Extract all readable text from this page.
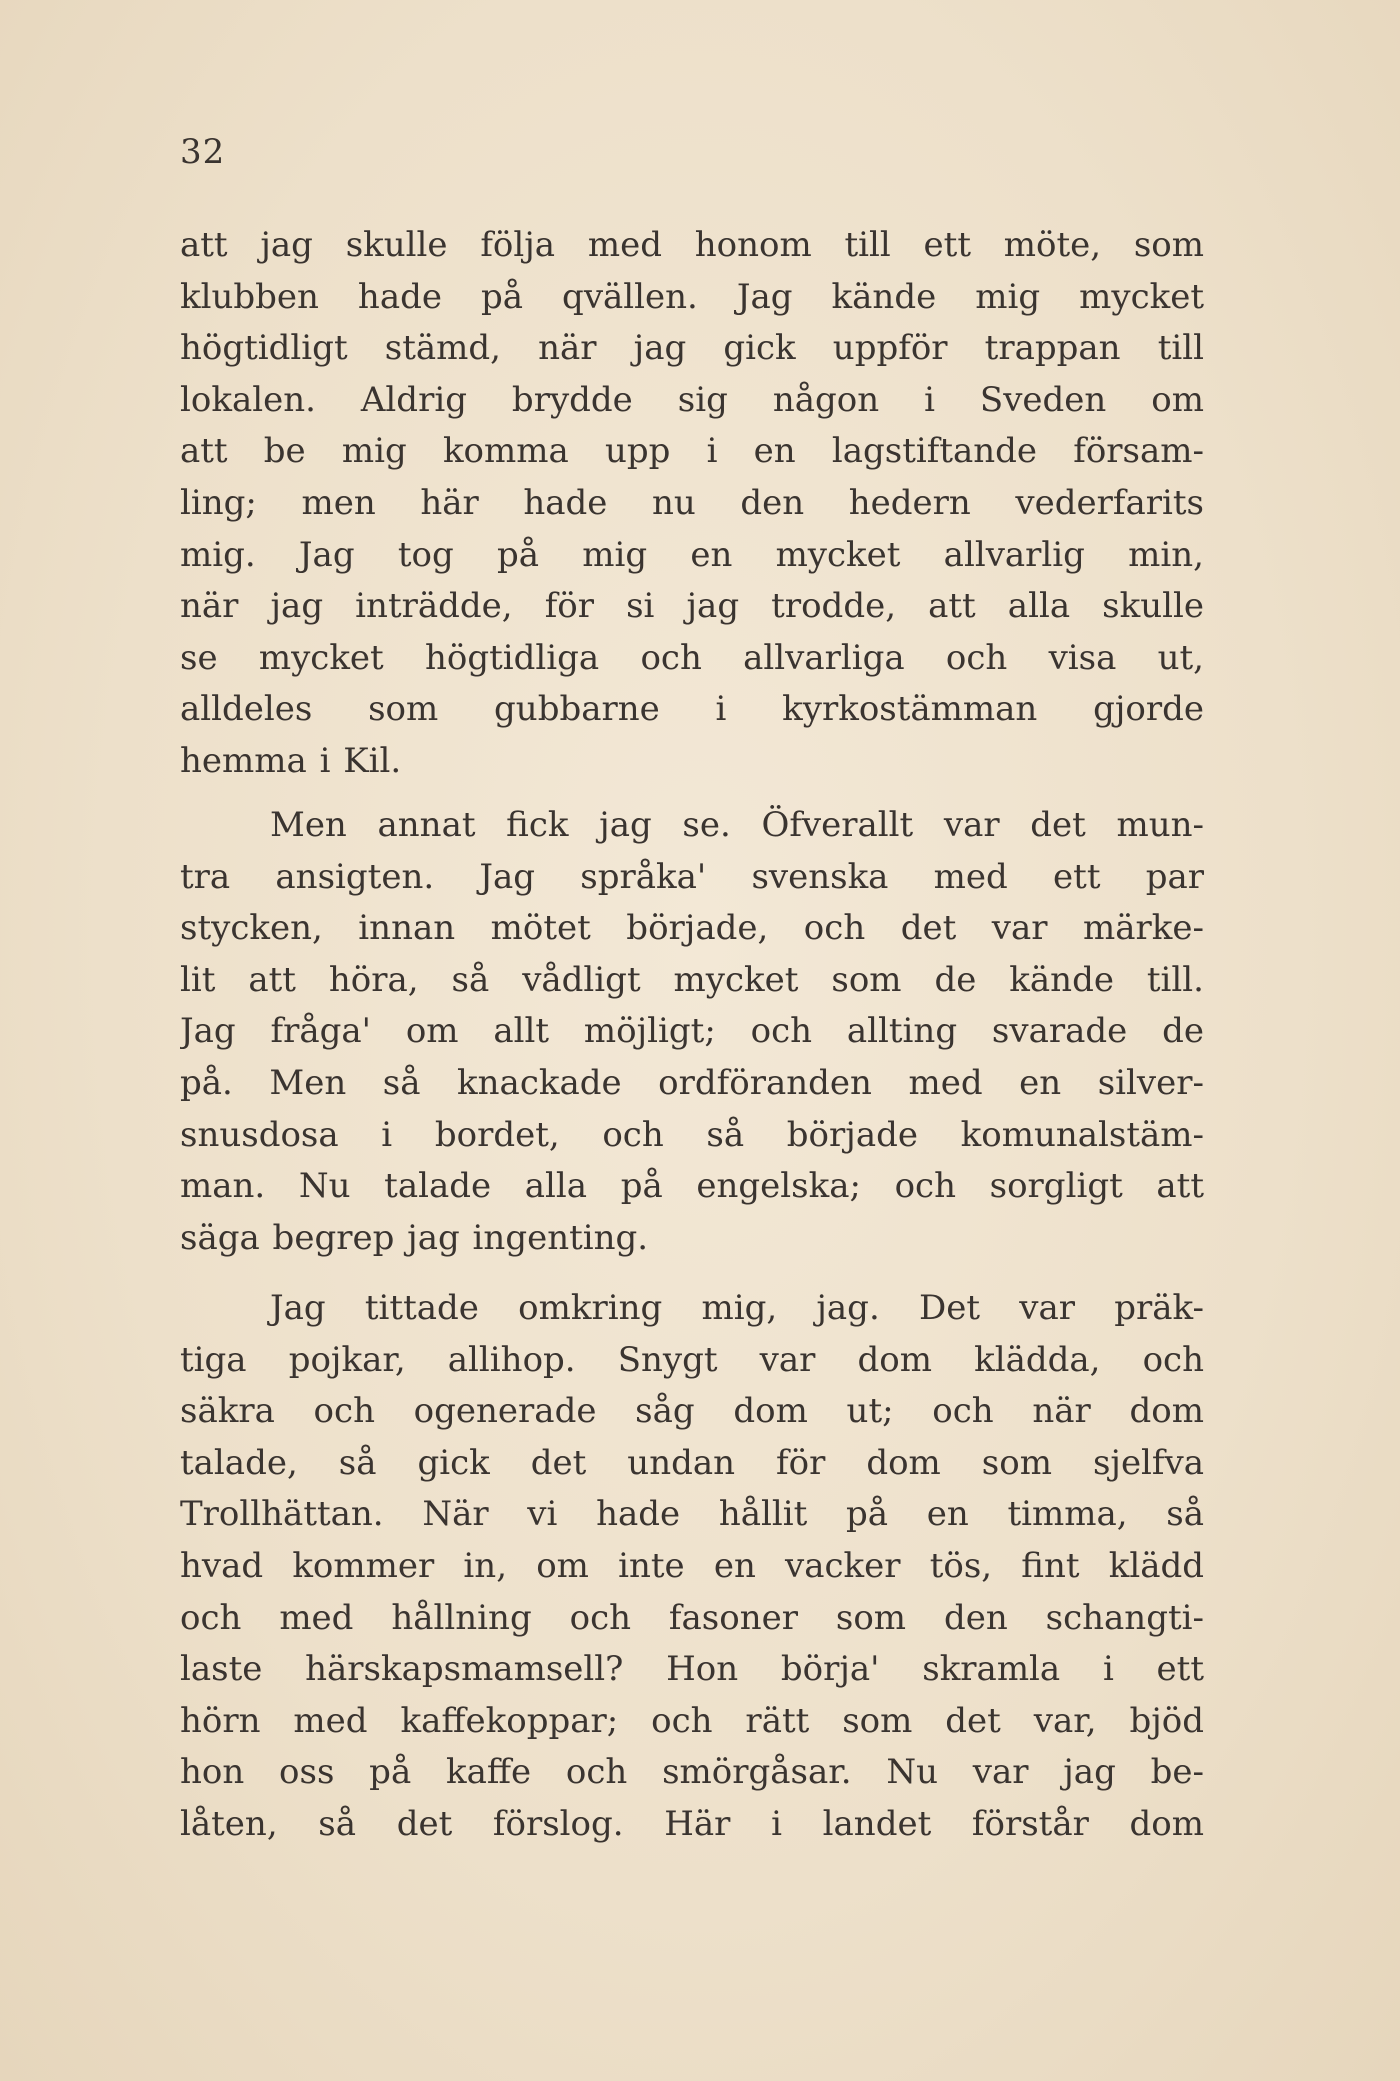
32
att jag skulle följa med honom till ett möte, som
klubben hade på qvällen. Jag kände mig mycket
högtidligt stämd, när jag gick uppför trappan till
lokalen. Aldrig brydde sig någon i Sveden om
att be mig komma upp i en lagstiftande försam-
ling; men här hade nu den hedern vederfarits
mig. Jag tog på mig en mycket allvarlig min,
när jag inträdde, för si jag trodde, att alla skulle
se mycket högtidliga och allvarliga och visa ut,
alldeles som gubbarne i kyrkostämman gjorde
hemma i Kil.
Men annat fick jag se. Öfverallt var det mun-
tra ansigten. Jag språka' svenska med ett par
stycken, innan mötet började, och det var märke-
lit att höra, så vådligt mycket som de kände till.
Jag fråga' om allt möjligt; och allting svarade de
på. Men så knackade ordföranden med en silver-
snusdosa i bordet, och så började komunalstäm-
man. Nu talade alla på engelska; och sorgligt att
säga begrep jag ingenting.
Jag tittade omkring mig, jag. Det var präk-
tiga pojkar, allihop. Snygt var dom klädda, och
säkra och ogenerade såg dom ut; och när dom
talade, så gick det undan för dom som sjelfva
Trollhättan. När vi hade hållit på en timma, så
hvad kommer in, om inte en vacker tös, fint klädd
och med hållning och fasoner som den schangti-
laste härskapsmamsell? Hon börja' skramla i ett
hörn med kaffekoppar; och rätt som det var, bjöd
hon oss på kaffe och smörgåsar. Nu var jag be-
låten, så det förslog. Här i landet förstår dom
